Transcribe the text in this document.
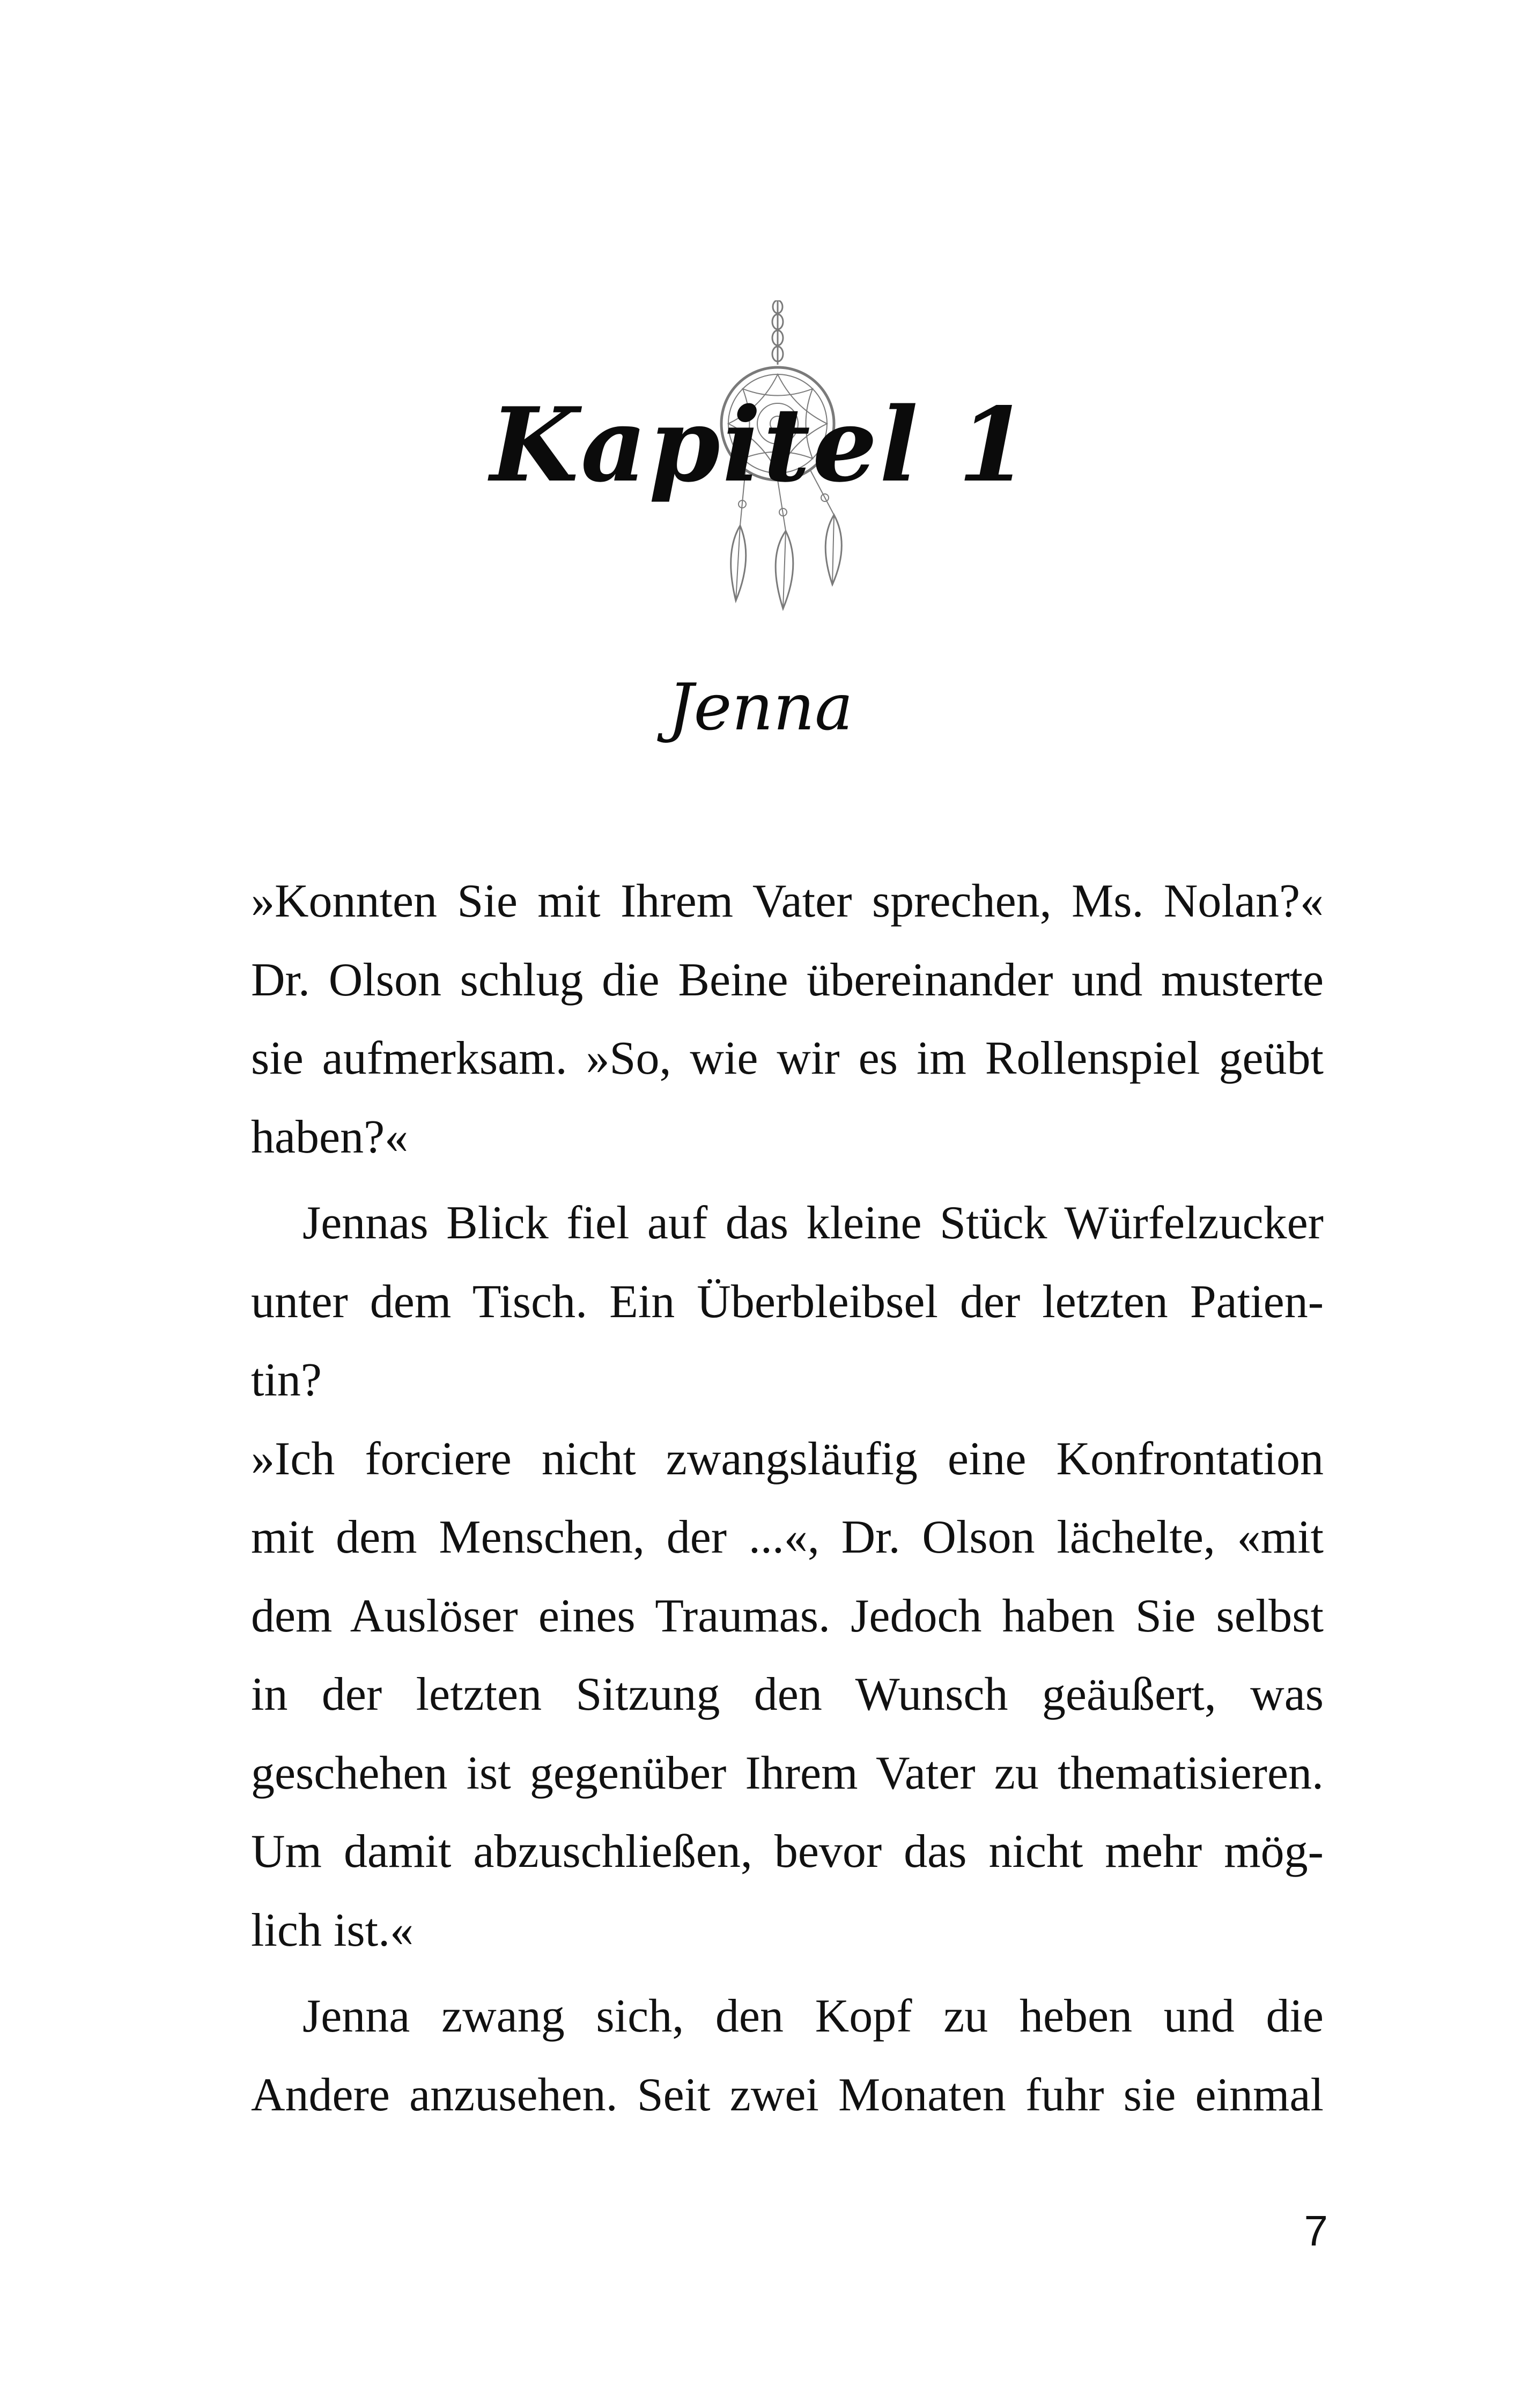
Kapitel 1
Jenna
»Konnten Sie mit Ihrem Vater sprechen, Ms. Nolan?«
Dr. Olson schlug die Beine übereinander und musterte
sie aufmerksam. »So, wie wir es im Rollenspiel geübt
haben?«
Jennas Blick fiel auf das kleine Stück Würfelzucker
unter dem Tisch. Ein Überbleibsel der letzten Patien-
tin?
»Ich forciere nicht zwangsläufig eine Konfrontation
mit dem Menschen, der ...«, Dr. Olson lächelte, «mit
dem Auslöser eines Traumas. Jedoch haben Sie selbst
in der letzten Sitzung den Wunsch geäußert, was
geschehen ist gegenüber Ihrem Vater zu thematisieren.
Um damit abzuschließen, bevor das nicht mehr mög-
lich ist.«
Jenna zwang sich, den Kopf zu heben und die
Andere anzusehen. Seit zwei Monaten fuhr sie einmal
7
